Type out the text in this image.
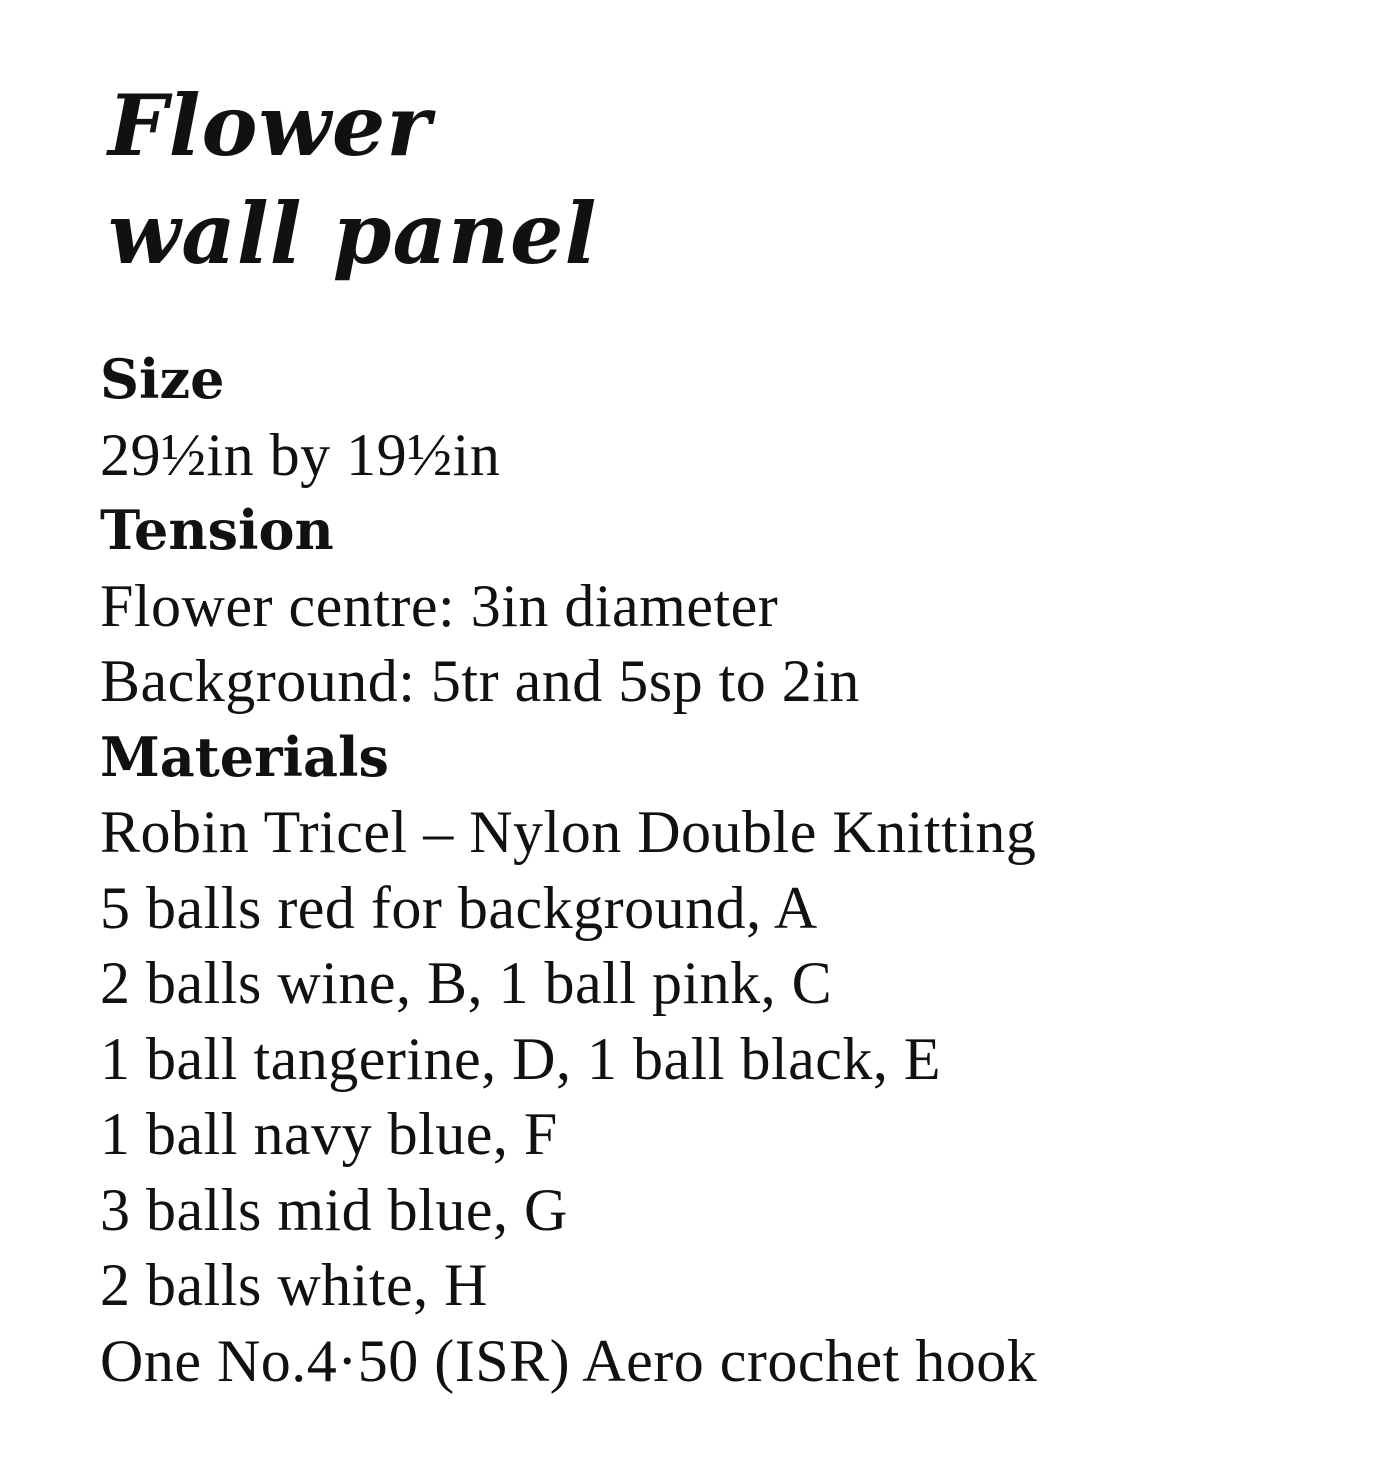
Flower
wall panel

Size

29½in by 19½in

Tension

Flower centre: 3in diameter

Background: 5tr and 5sp to 2in

Materials

Robin Tricel – Nylon Double Knitting

5 balls red for background, A

2 balls wine, B, 1 ball pink, C

1 ball tangerine, D, 1 ball black, E

1 ball navy blue, F

3 balls mid blue, G

2 balls white, H

One No.4·50 (ISR) Aero crochet hook
